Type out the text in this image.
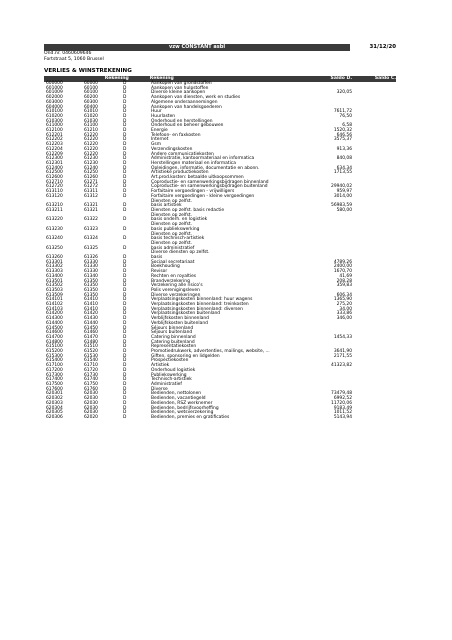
vzw CONSTANT asbl	31/12/20
Ond.nr. 0460609646
Fortstraat 5, 1060 Brussel
VERLIES & WINSTREKENING
Rekening	Rekening	Saldo D.	Saldo C.
600000	60000	D	Aankopen van grondstoffen
601000	60100	D	Aankopen van hulpstoffen
601009	60100	D	Diverse kleine aankopen	320,05
602000	60200	D	Aankopen van diensten, werk en studies
603000	60300	D	Algemene onderaannemingen
604000	60400	D	Aankopen van handelsgoederen
610100	61010	D	Huur	7611,72
610200	61020	D	Huurlasten	76,50
610300	61030	D	Onderhoud en herstellingen
611000	61100	D	Onderhoud en beheer gebouwen	6,58
612100	61210	D	Energie	1520,32
612201	61220	D	Telefoon- en faxkosten	646,56
612202	61220	D	Internet	3575,37
612203	61220	D	Gsm
612204	61220	D	Verzendingskosten	913,36
612209	61220	D	Andere communicatiekosten
612300	61230	D	Administratie, kantoormateriaal en informatica	840,08
612301	61230	D	Herstellingen materiaal en informatica
612400	61240	D	Opleidingen, informatie, documentatie en abonn.	634,34
612500	61250	D	Artistieke productiekosten	1713,55
612600	61260	D	Art.prod.kosten: betaalde uitkoopsommen
612710	61271	D	Coproductie- en samenwerkingsbijdragen binnenland
612720	61272	D	Coproductie- en samenwerkingsbijdragen buitenland	29940,02
613110	61311	D	Forfaitaire vergoedingen - vrijwilligers	959,97
613120	61312	D	Forfaitaire vergoedingen - kleine vergoedingen	3014,00
Diensten op zelfst.
613210	61321	D	basis artistiek	56983,59
613211	61321	D	Diensten op zelfst. basis redactie	580,00
Diensten op zelfst.
613220	61322	D	basis onderh. en logistiek
Diensten op zelfst.
613230	61323	D	basis publiekswerking
Diensten op zelfst.
613240	61324	D	basis technisch-artistiek
Diensten op zelfst.
613250	61325	D	basis administratief
Diverse diensten op zelfst.
613260	61326	D	basis
613301	61330	D	Sociaal secretariaat	4789,26
613302	61330	D	Boekhouding	2400,00
613303	61330	D	Revisor	1670,70
613400	61340	D	Rechten en royalties	41,69
613501	61350	D	Brandverzekering	208,28
613502	61350	D	Verzekering alle risico's	359,83
613503	61350	D	Polis verenigingsleven
613509	61350	D	Diverse verzekeringen	606,34
614101	61410	D	Verplaatsingskosten binnenland: huur wagens	1365,90
614102	61410	D	Verplaatsingskosten binnenland: treinkosten	275,20
614103	61410	D	Verplaatsingskosten binnenland: diversen	34,00
614200	61420	D	Verplaatsingskosten buitenland	333,86
614300	61430	D	Verblijfskosten binnenland	346,00
614400	61440	D	Verblijfskosten buitenland
614500	61450	D	Séjours binnenland
614600	61460	D	Séjours buitenland
614700	61470	D	Catering binnenland	1454,33
614800	61480	D	Catering buitenland
615100	61510	D	Representatiekosten
615200	61520	D	Promotiedrukwerk, advertenties, mailings, website, ...	3641,90
615300	61530	D	Giften, sponsoring en lidgelden	2171,55
615400	61540	D	Prospectiekosten
617100	61710	D	Artistiek	41323,82
617200	61720	D	Onderhoud logistiek
617300	61730	D	Publiekswerking
617400	61740	D	Technisch-artistiek
617500	61750	D	Administratief
617600	61760	D	Diverse
620301	62030	D	Bedienden, nettolonen	73479,48
620302	62030	D	Bedienden, vacantiegeld	6992,52
620303	62030	D	Bedienden, RSZ werknemer	11720,06
620304	62030	D	Bedienden, bedrijfsvoorheffing	9183,49
620305	62030	D	Bedienden, wetsverzekering	1011,52
620306	62020	D	Bedienden, premies en gratificaties	5143,94
